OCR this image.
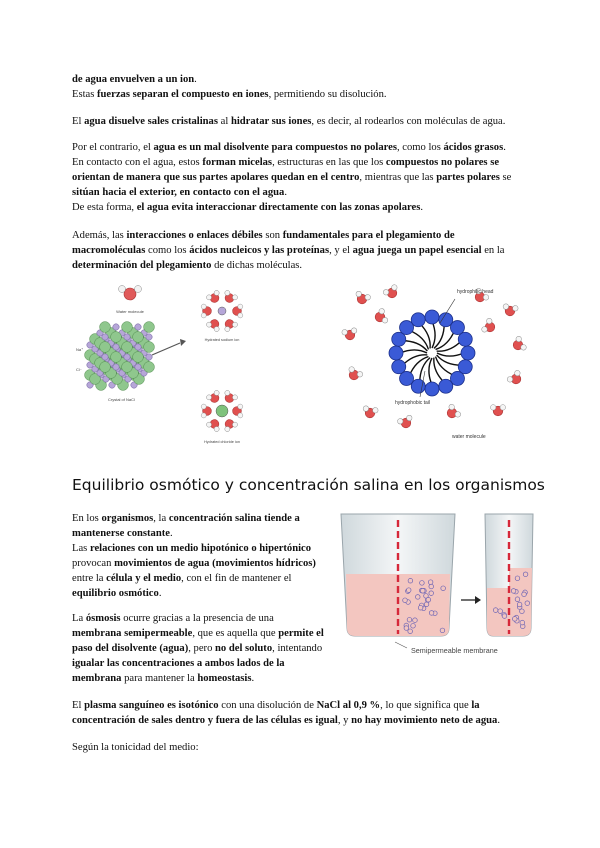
de agua envuelven a un ion.
Estas fuerzas separan el compuesto en iones, permitiendo su disolución.

El agua disuelve sales cristalinas al hidratar sus iones, es decir, al rodearlos con moléculas de agua.

Por el contrario, el agua es un mal disolvente para compuestos no polares, como los ácidos grasos.
En contacto con el agua, estos forman micelas, estructuras en las que los compuestos no polares se
orientan de manera que sus partes apolares quedan en el centro, mientras que las partes polares se
sitúan hacia el exterior, en contacto con el agua.
De esta forma, el agua evita interaccionar directamente con las zonas apolares.

Además, las interacciones o enlaces débiles son fundamentales para el plegamiento de
macromoléculas como los ácidos nucleicos y las proteínas, y el agua juega un papel esencial en la
determinación del plegamiento de dichas moléculas.

Water molecule
Crystal of NaCl
Na⁺
Cl⁻
Hydrated sodium ion
Hydrated chloride ion
hydrophilic head
hydrophobic tail
water molecule
Equilibrio osmótico y concentración salina en los organismos

En los organismos, la concentración salina tiende a
mantenerse constante.
Las relaciones con un medio hipotónico o hipertónico
provocan movimientos de agua (movimientos hídricos)
entre la célula y el medio, con el fin de mantener el
equilibrio osmótico.

La ósmosis ocurre gracias a la presencia de una
membrana semipermeable, que es aquella que permite el
paso del disolvente (agua), pero no del soluto, intentando
igualar las concentraciones a ambos lados de la
membrana para mantener la homeostasis.

Semipermeable membrane

El plasma sanguíneo es isotónico con una disolución de NaCl al 0,9 %, lo que significa que la
concentración de sales dentro y fuera de las células es igual, y no hay movimiento neto de agua.

Según la tonicidad del medio:
